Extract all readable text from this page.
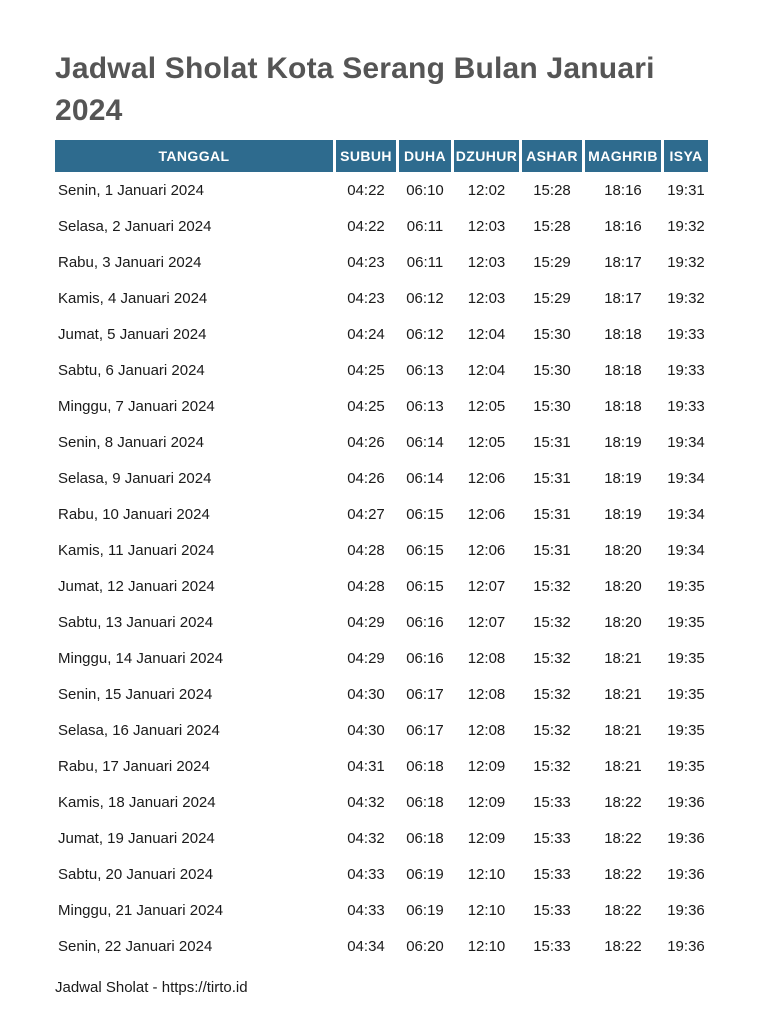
Jadwal Sholat Kota Serang Bulan Januari 2024
TANGGAL	SUBUH DUHA DZUHUR ASHAR MAGHRIB ISYA
Senin, 1 Januari 2024	04:22	06:10	12:02	15:28	18:16	19:31
Selasa, 2 Januari 2024	04:22	06:11	12:03	15:28	18:16	19:32
Rabu, 3 Januari 2024	04:23	06:11	12:03	15:29	18:17	19:32
Kamis, 4 Januari 2024	04:23	06:12	12:03	15:29	18:17	19:32
Jumat, 5 Januari 2024	04:24	06:12	12:04	15:30	18:18	19:33
Sabtu, 6 Januari 2024	04:25	06:13	12:04	15:30	18:18	19:33
Minggu, 7 Januari 2024	04:25	06:13	12:05	15:30	18:18	19:33
Senin, 8 Januari 2024	04:26	06:14	12:05	15:31	18:19	19:34
Selasa, 9 Januari 2024	04:26	06:14	12:06	15:31	18:19	19:34
Rabu, 10 Januari 2024	04:27	06:15	12:06	15:31	18:19	19:34
Kamis, 11 Januari 2024	04:28	06:15	12:06	15:31	18:20	19:34
Jumat, 12 Januari 2024	04:28	06:15	12:07	15:32	18:20	19:35
Sabtu, 13 Januari 2024	04:29	06:16	12:07	15:32	18:20	19:35
Minggu, 14 Januari 2024	04:29	06:16	12:08	15:32	18:21	19:35
Senin, 15 Januari 2024	04:30	06:17	12:08	15:32	18:21	19:35
Selasa, 16 Januari 2024	04:30	06:17	12:08	15:32	18:21	19:35
Rabu, 17 Januari 2024	04:31	06:18	12:09	15:32	18:21	19:35
Kamis, 18 Januari 2024	04:32	06:18	12:09	15:33	18:22	19:36
Jumat, 19 Januari 2024	04:32	06:18	12:09	15:33	18:22	19:36
Sabtu, 20 Januari 2024	04:33	06:19	12:10	15:33	18:22	19:36
Minggu, 21 Januari 2024	04:33	06:19	12:10	15:33	18:22	19:36
Senin, 22 Januari 2024	04:34	06:20	12:10	15:33	18:22	19:36
Jadwal Sholat - https://tirto.id
